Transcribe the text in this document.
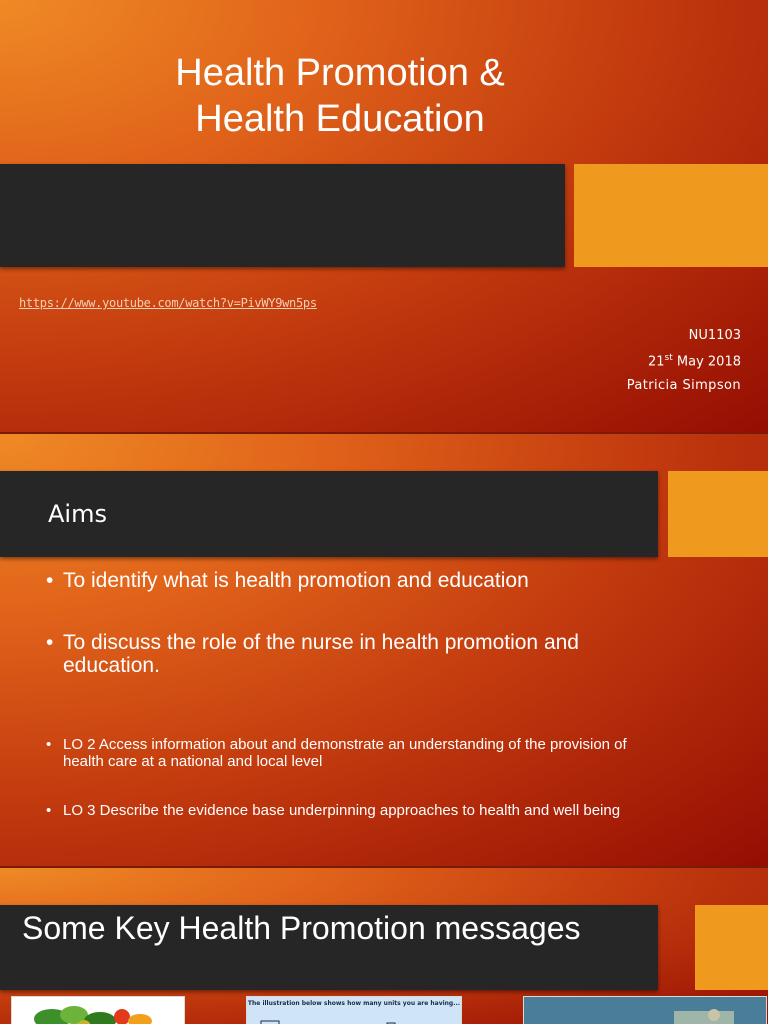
Health Promotion &
Health Education
https://www.youtube.com/watch?v=PivWY9wn5ps
NU1103
21st May 2018
Patricia Simpson
Aims
• To identify what is health promotion and education
• To discuss the role of the nurse in health promotion and education.
• LO 2 Access information about and demonstrate an understanding of the provision of health care at a national and local level
• LO 3 Describe the evidence base underpinning approaches to health and well being
Some Key Health Promotion messages
The illustration below shows how many units you are having...
